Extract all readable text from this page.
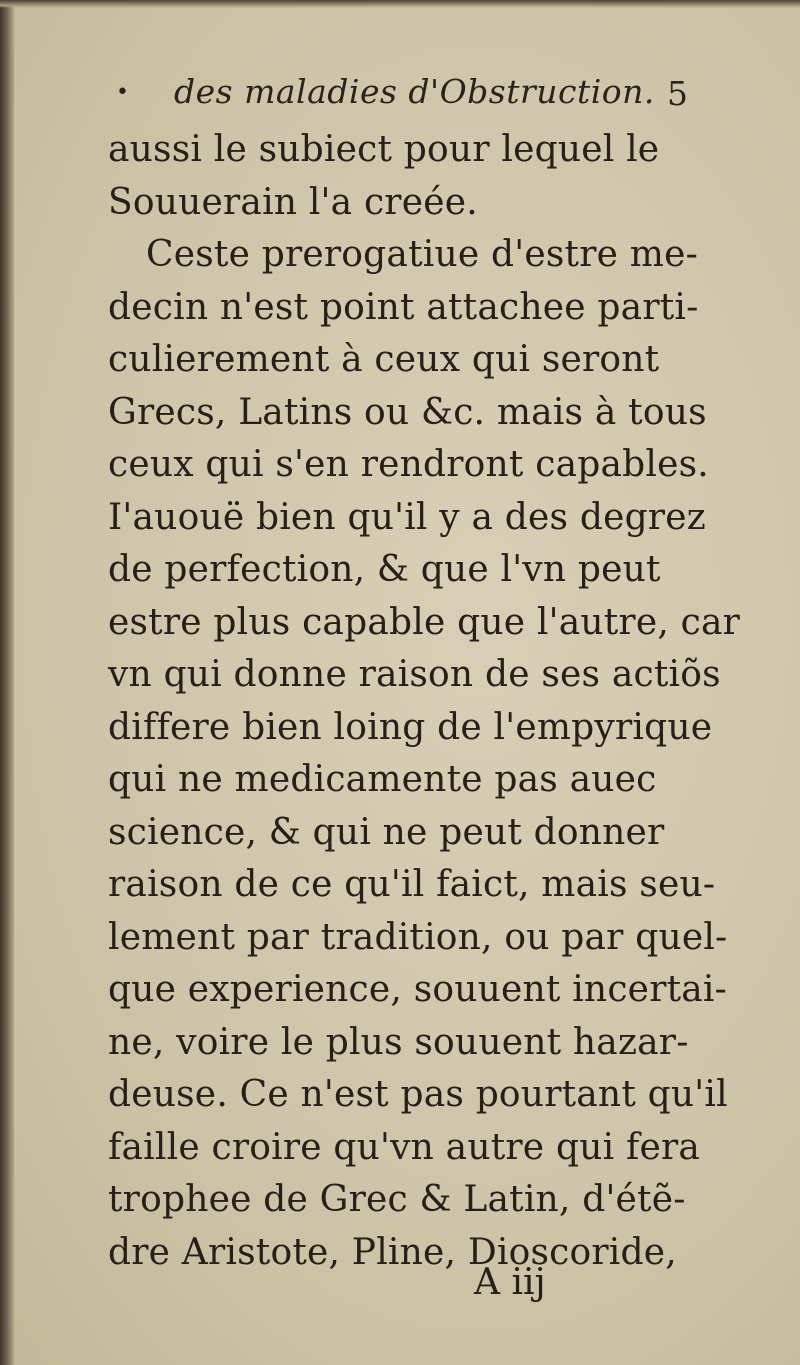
• des maladies d'Obstruction. 5
aussi le subiect pour lequel le
Souuerain l'a creée.
Ceste prerogatiue d'estre me-
decin n'est point attachee parti-
culierement à ceux qui seront
Grecs, Latins ou &c. mais à tous
ceux qui s'en rendront capables.
I'auouë bien qu'il y a des degrez
de perfection, & que l'vn peut
estre plus capable que l'autre, car
vn qui donne raison de ses actiõs
differe bien loing de l'empyrique
qui ne medicamente pas auec
science, & qui ne peut donner
raison de ce qu'il faict, mais seu-
lement par tradition, ou par quel-
que experience, souuent incertai-
ne, voire le plus souuent hazar-
deuse. Ce n'est pas pourtant qu'il
faille croire qu'vn autre qui fera
trophee de Grec & Latin, d'étẽ-
dre Aristote, Pline, Dioscoride,
A iij
